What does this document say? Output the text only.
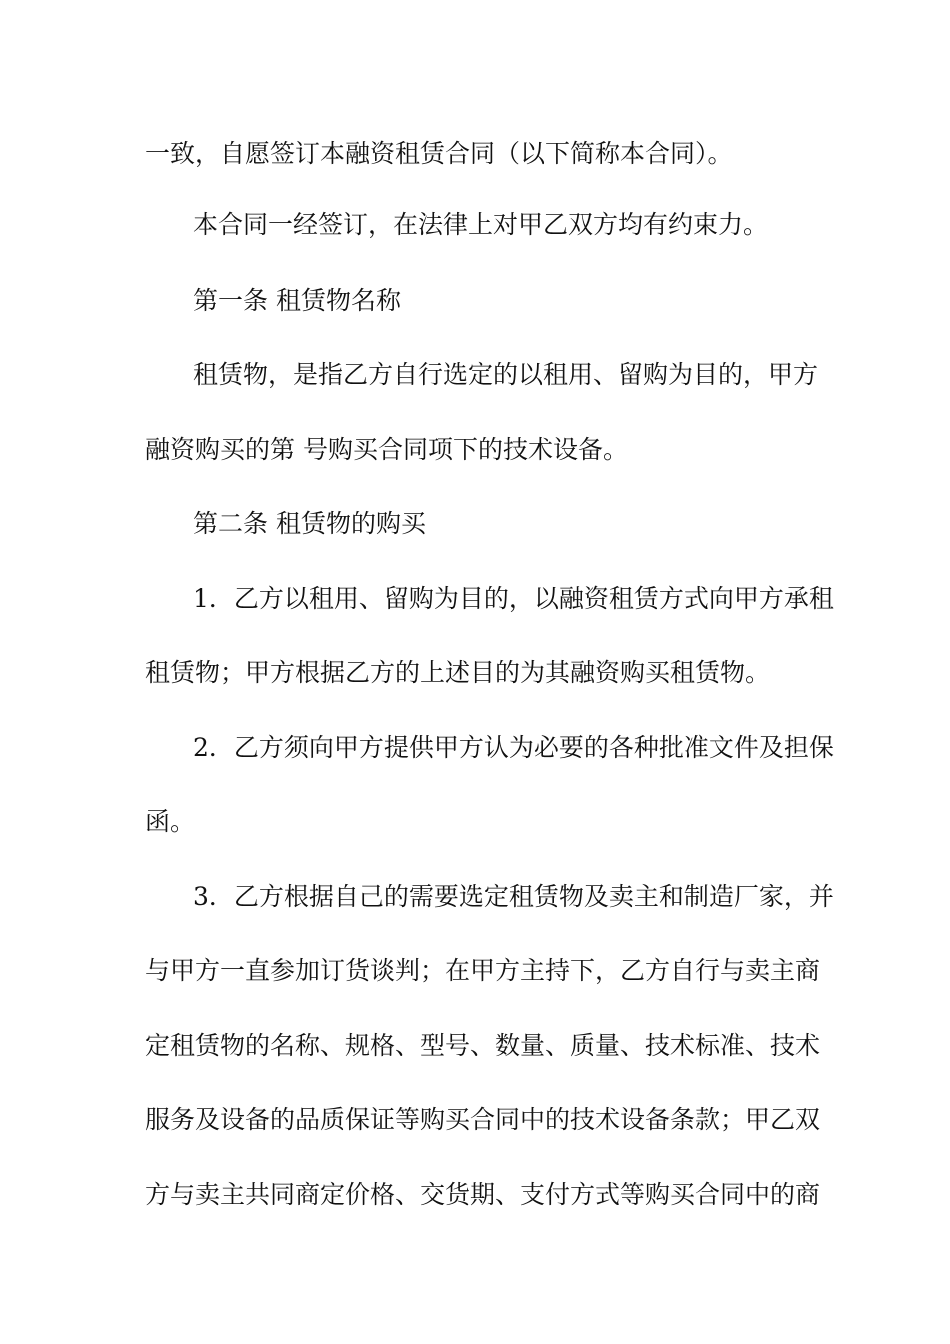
一致，自愿签订本融资租赁合同（以下简称本合同）。
本合同一经签订，在法律上对甲乙双方均有约束力。
第一条 租赁物名称
租赁物，是指乙方自行选定的以租用、留购为目的，甲方
融资购买的第 号购买合同项下的技术设备。
第二条 租赁物的购买
1．乙方以租用、留购为目的，以融资租赁方式向甲方承租
租赁物；甲方根据乙方的上述目的为其融资购买租赁物。
2．乙方须向甲方提供甲方认为必要的各种批准文件及担保
函。
3．乙方根据自己的需要选定租赁物及卖主和制造厂家，并
与甲方一直参加订货谈判；在甲方主持下，乙方自行与卖主商
定租赁物的名称、规格、型号、数量、质量、技术标准、技术
服务及设备的品质保证等购买合同中的技术设备条款；甲乙双
方与卖主共同商定价格、交货期、支付方式等购买合同中的商
